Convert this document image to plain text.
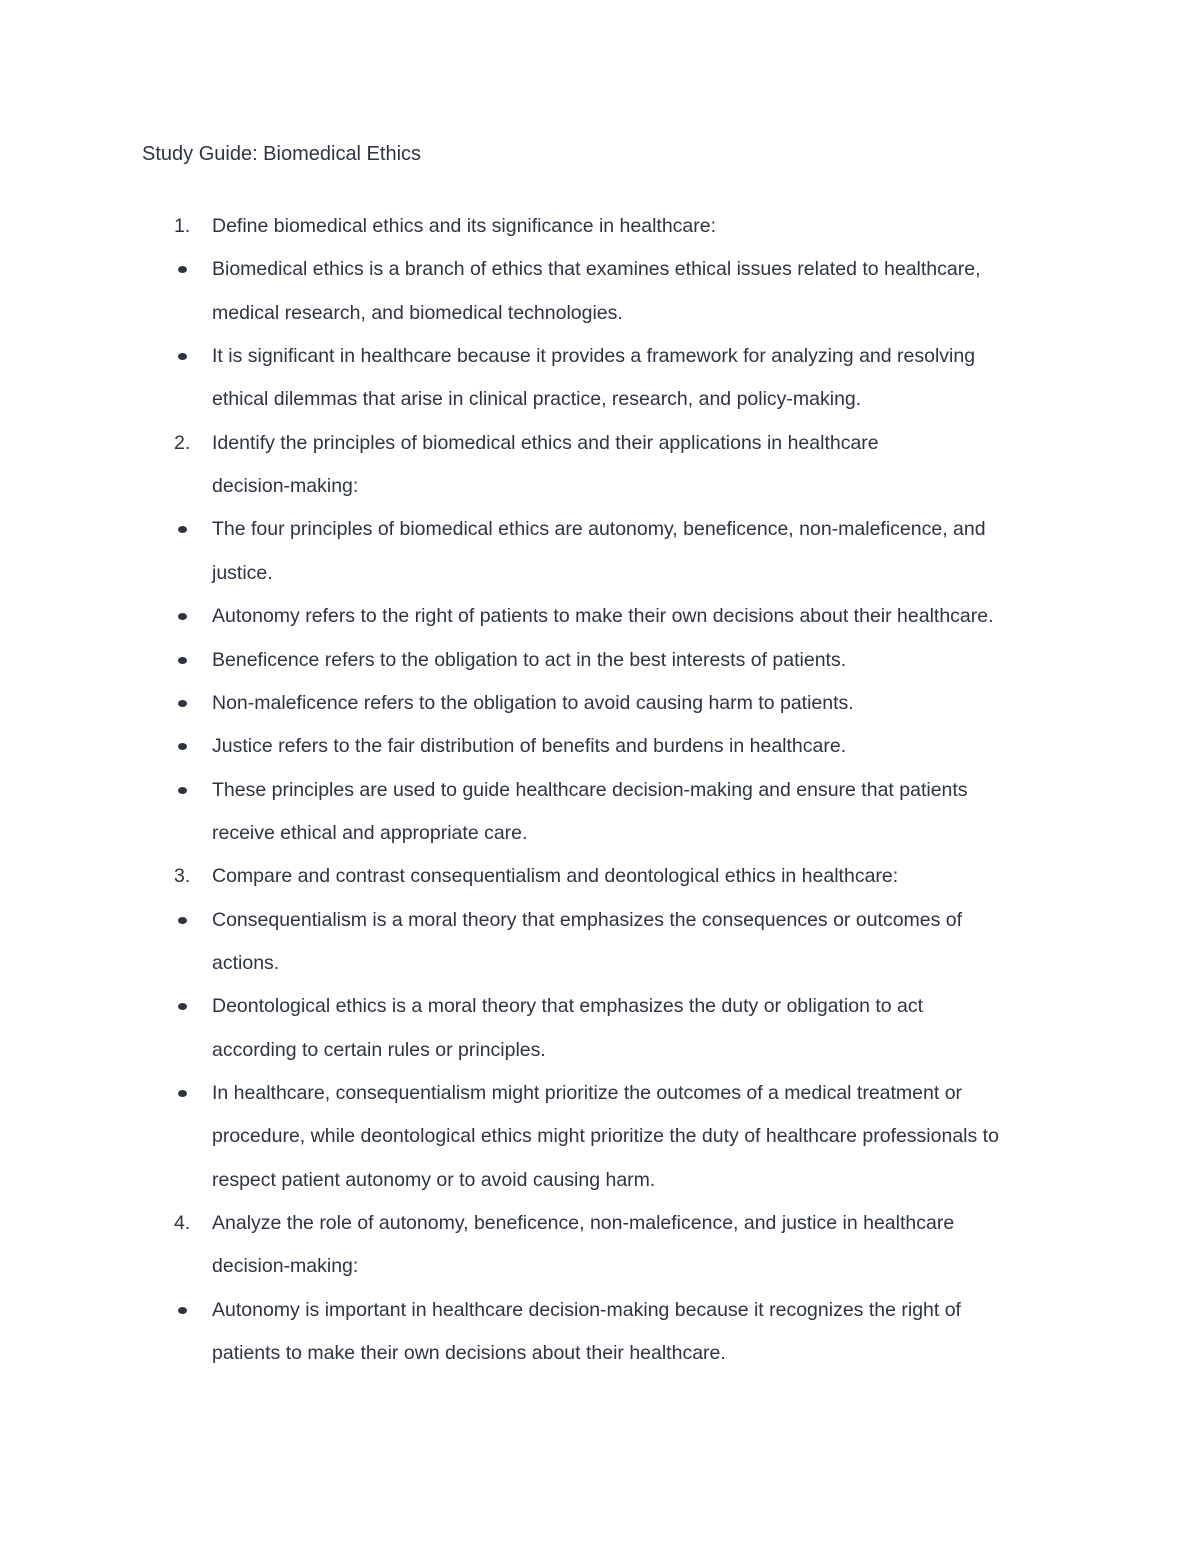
Study Guide: Biomedical Ethics
1. Define biomedical ethics and its significance in healthcare:
Biomedical ethics is a branch of ethics that examines ethical issues related to healthcare,
medical research, and biomedical technologies.
It is significant in healthcare because it provides a framework for analyzing and resolving
ethical dilemmas that arise in clinical practice, research, and policy-making.
2. Identify the principles of biomedical ethics and their applications in healthcare
decision-making:
The four principles of biomedical ethics are autonomy, beneficence, non-maleficence, and
justice.
Autonomy refers to the right of patients to make their own decisions about their healthcare.
Beneficence refers to the obligation to act in the best interests of patients.
Non-maleficence refers to the obligation to avoid causing harm to patients.
Justice refers to the fair distribution of benefits and burdens in healthcare.
These principles are used to guide healthcare decision-making and ensure that patients
receive ethical and appropriate care.
3. Compare and contrast consequentialism and deontological ethics in healthcare:
Consequentialism is a moral theory that emphasizes the consequences or outcomes of
actions.
Deontological ethics is a moral theory that emphasizes the duty or obligation to act
according to certain rules or principles.
In healthcare, consequentialism might prioritize the outcomes of a medical treatment or
procedure, while deontological ethics might prioritize the duty of healthcare professionals to
respect patient autonomy or to avoid causing harm.
4. Analyze the role of autonomy, beneficence, non-maleficence, and justice in healthcare
decision-making:
Autonomy is important in healthcare decision-making because it recognizes the right of
patients to make their own decisions about their healthcare.
